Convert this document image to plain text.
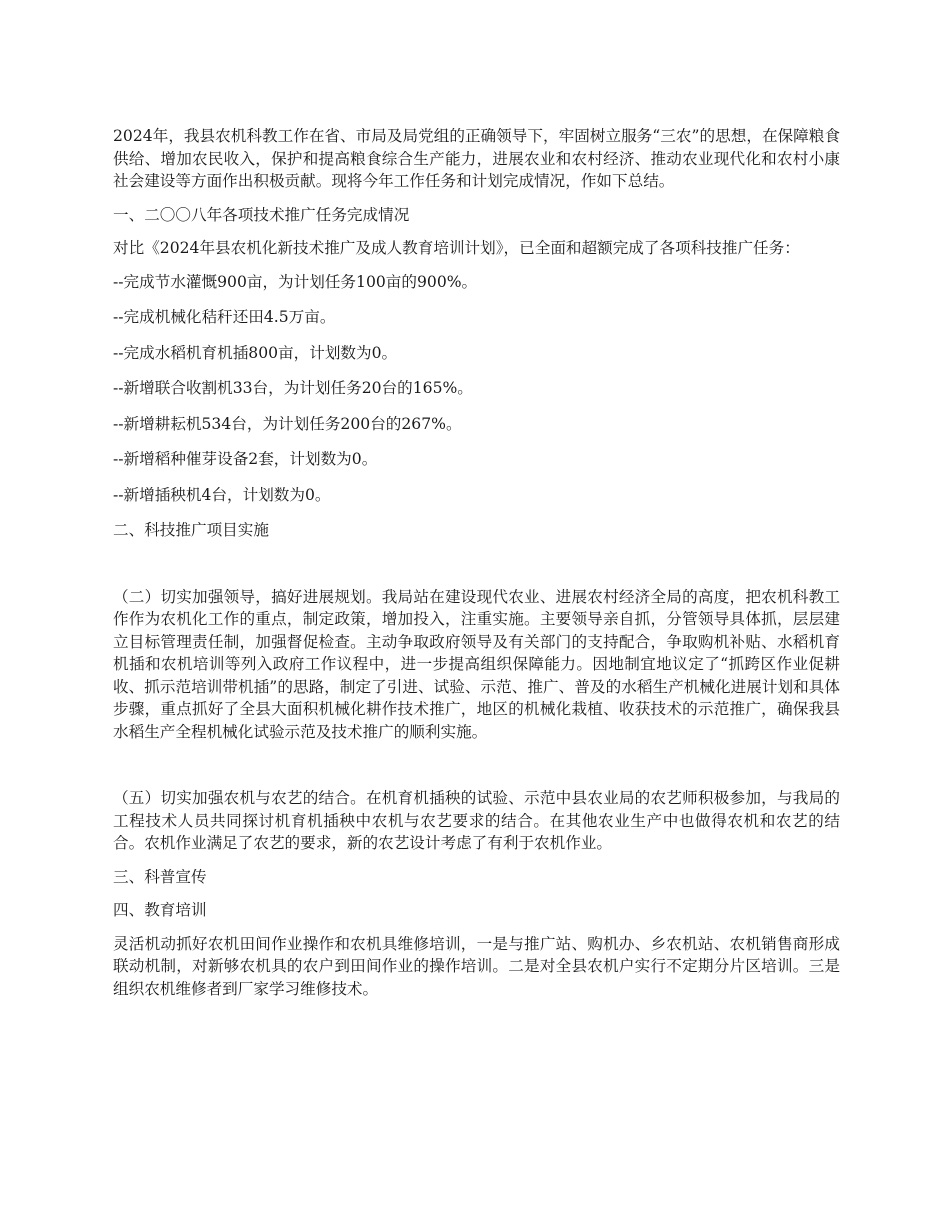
2024年，我县农机科教工作在省、市局及局党组的正确领导下，牢固树立服务“三农”的思想，在保障粮食供给、增加农民收入，保护和提高粮食综合生产能力，进展农业和农村经济、推动农业现代化和农村小康社会建设等方面作出积极贡献。现将今年工作任务和计划完成情况，作如下总结。

一、二〇〇八年各项技术推广任务完成情况

对比《2024年县农机化新技术推广及成人教育培训计划》，已全面和超额完成了各项科技推广任务：

--完成节水灌慨900亩，为计划任务100亩的900%。

--完成机械化秸秆还田4.5万亩。

--完成水稻机育机插800亩，计划数为0。

--新增联合收割机33台，为计划任务20台的165%。

--新增耕耘机534台，为计划任务200台的267%。

--新增稻种催芽设备2套，计划数为0。

--新增插秧机4台，计划数为0。

二、科技推广项目实施

（二）切实加强领导，搞好进展规划。我局站在建设现代农业、进展农村经济全局的高度，把农机科教工作作为农机化工作的重点，制定政策，增加投入，注重实施。主要领导亲自抓，分管领导具体抓，层层建立目标管理责任制，加强督促检查。主动争取政府领导及有关部门的支持配合，争取购机补贴、水稻机育机插和农机培训等列入政府工作议程中，进一步提高组织保障能力。因地制宜地议定了“抓跨区作业促耕收、抓示范培训带机插”的思路，制定了引进、试验、示范、推广、普及的水稻生产机械化进展计划和具体步骤，重点抓好了全县大面积机械化耕作技术推广，地区的机械化栽植、收获技术的示范推广，确保我县水稻生产全程机械化试验示范及技术推广的顺利实施。

（五）切实加强农机与农艺的结合。在机育机插秧的试验、示范中县农业局的农艺师积极参加，与我局的工程技术人员共同探讨机育机插秧中农机与农艺要求的结合。在其他农业生产中也做得农机和农艺的结合。农机作业满足了农艺的要求，新的农艺设计考虑了有利于农机作业。

三、科普宣传

四、教育培训

灵活机动抓好农机田间作业操作和农机具维修培训，一是与推广站、购机办、乡农机站、农机销售商形成联动机制，对新够农机具的农户到田间作业的操作培训。二是对全县农机户实行不定期分片区培训。三是组织农机维修者到厂家学习维修技术。
